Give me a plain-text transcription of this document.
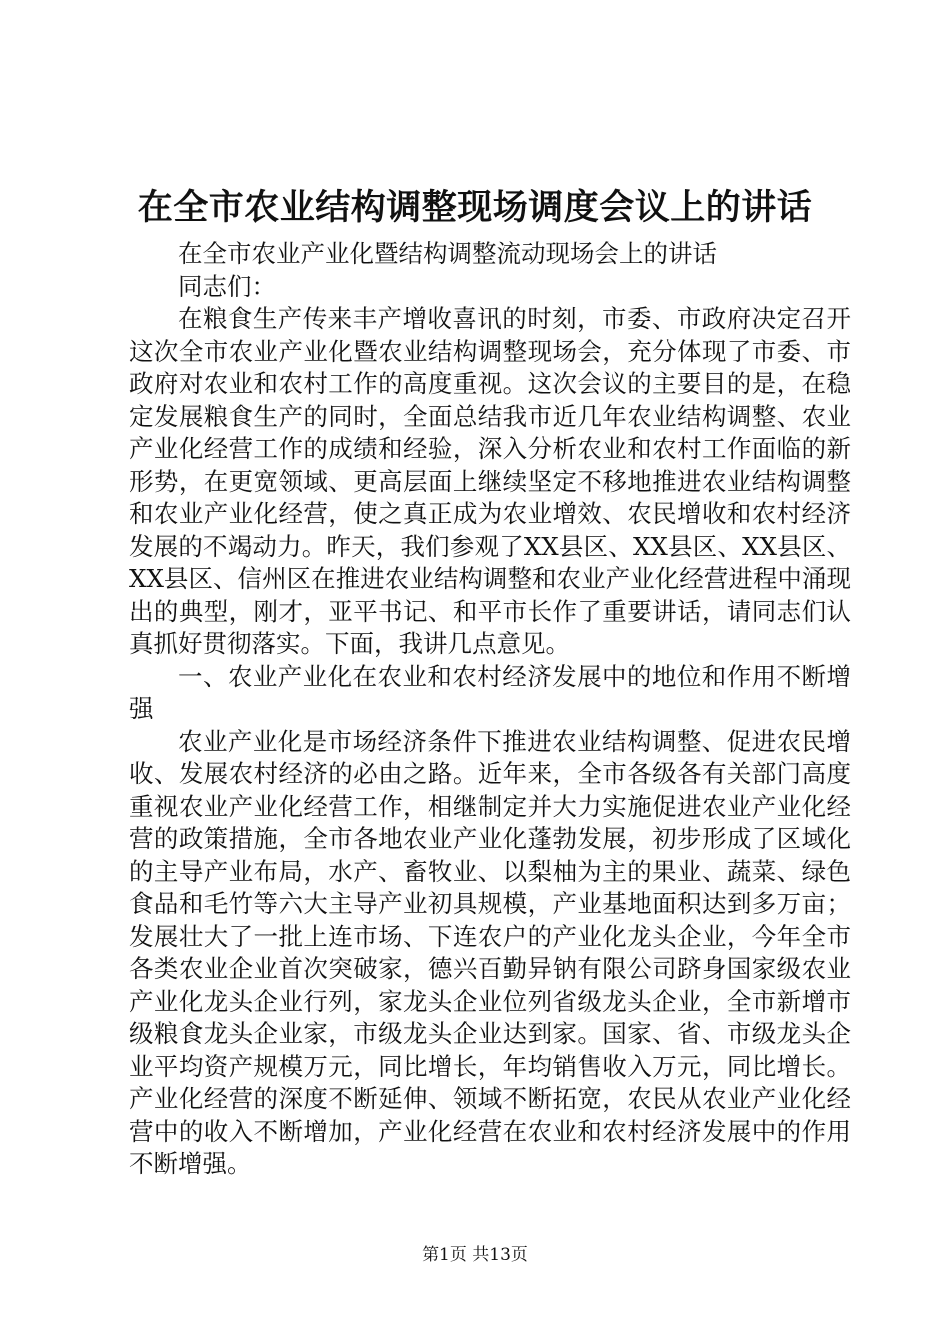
在全市农业结构调整现场调度会议上的讲话

在全市农业产业化暨结构调整流动现场会上的讲话

同志们：

在粮食生产传来丰产增收喜讯的时刻，市委、市政府决定召开这次全市农业产业化暨农业结构调整现场会，充分体现了市委、市政府对农业和农村工作的高度重视。这次会议的主要目的是，在稳定发展粮食生产的同时，全面总结我市近几年农业结构调整、农业产业化经营工作的成绩和经验，深入分析农业和农村工作面临的新形势，在更宽领域、更高层面上继续坚定不移地推进农业结构调整和农业产业化经营，使之真正成为农业增效、农民增收和农村经济发展的不竭动力。昨天，我们参观了XX县区、XX县区、XX县区、XX县区、信州区在推进农业结构调整和农业产业化经营进程中涌现出的典型，刚才，亚平书记、和平市长作了重要讲话，请同志们认真抓好贯彻落实。下面，我讲几点意见。

一、农业产业化在农业和农村经济发展中的地位和作用不断增强

农业产业化是市场经济条件下推进农业结构调整、促进农民增收、发展农村经济的必由之路。近年来，全市各级各有关部门高度重视农业产业化经营工作，相继制定并大力实施促进农业产业化经营的政策措施，全市各地农业产业化蓬勃发展，初步形成了区域化的主导产业布局，水产、畜牧业、以梨柚为主的果业、蔬菜、绿色食品和毛竹等六大主导产业初具规模，产业基地面积达到多万亩；发展壮大了一批上连市场、下连农户的产业化龙头企业，今年全市各类农业企业首次突破家，德兴百勤异钠有限公司跻身国家级农业产业化龙头企业行列，家龙头企业位列省级龙头企业，全市新增市级粮食龙头企业家，市级龙头企业达到家。国家、省、市级龙头企业平均资产规模万元，同比增长，年均销售收入万元，同比增长。产业化经营的深度不断延伸、领域不断拓宽，农民从农业产业化经营中的收入不断增加，产业化经营在农业和农村经济发展中的作用不断增强。

第1页 共13页
